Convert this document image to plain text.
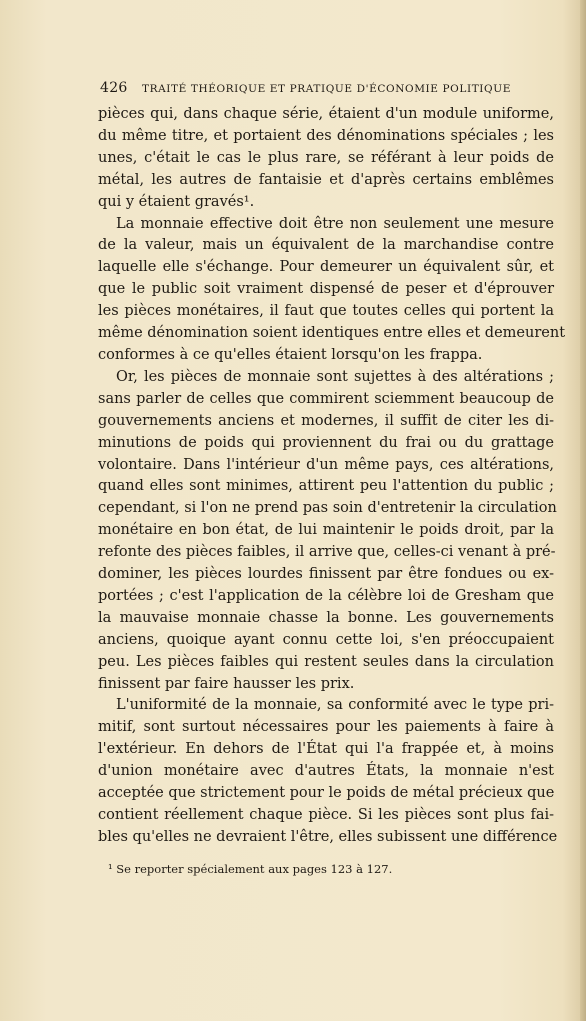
426	TRAITÉ THÉORIQUE ET PRATIQUE D'ÉCONOMIE POLITIQUE

pièces qui, dans chaque série, étaient d'un module uniforme,
du même titre, et portaient des dénominations spéciales ; les
unes, c'était le cas le plus rare, se référant à leur poids de
métal, les autres de fantaisie et d'après certains emblêmes
qui y étaient gravés¹.

La monnaie effective doit être non seulement une mesure
de la valeur, mais un équivalent de la marchandise contre
laquelle elle s'échange. Pour demeurer un équivalent sûr, et
que le public soit vraiment dispensé de peser et d'éprouver
les pièces monétaires, il faut que toutes celles qui portent la
même dénomination soient identiques entre elles et demeurent
conformes à ce qu'elles étaient lorsqu'on les frappa.

Or, les pièces de monnaie sont sujettes à des altérations ;
sans parler de celles que commirent sciemment beaucoup de
gouvernements anciens et modernes, il suffit de citer les di-
minutions de poids qui proviennent du frai ou du grattage
volontaire. Dans l'intérieur d'un même pays, ces altérations,
quand elles sont minimes, attirent peu l'attention du public ;
cependant, si l'on ne prend pas soin d'entretenir la circulation
monétaire en bon état, de lui maintenir le poids droit, par la
refonte des pièces faibles, il arrive que, celles-ci venant à pré-
dominer, les pièces lourdes finissent par être fondues ou ex-
portées ; c'est l'application de la célèbre loi de Gresham que
la mauvaise monnaie chasse la bonne. Les gouvernements
anciens, quoique ayant connu cette loi, s'en préoccupaient
peu. Les pièces faibles qui restent seules dans la circulation
finissent par faire hausser les prix.

L'uniformité de la monnaie, sa conformité avec le type pri-
mitif, sont surtout nécessaires pour les paiements à faire à
l'extérieur. En dehors de l'État qui l'a frappée et, à moins
d'union monétaire avec d'autres États, la monnaie n'est
acceptée que strictement pour le poids de métal précieux que
contient réellement chaque pièce. Si les pièces sont plus fai-
bles qu'elles ne devraient l'être, elles subissent une différence

¹ Se reporter spécialement aux pages 123 à 127.
